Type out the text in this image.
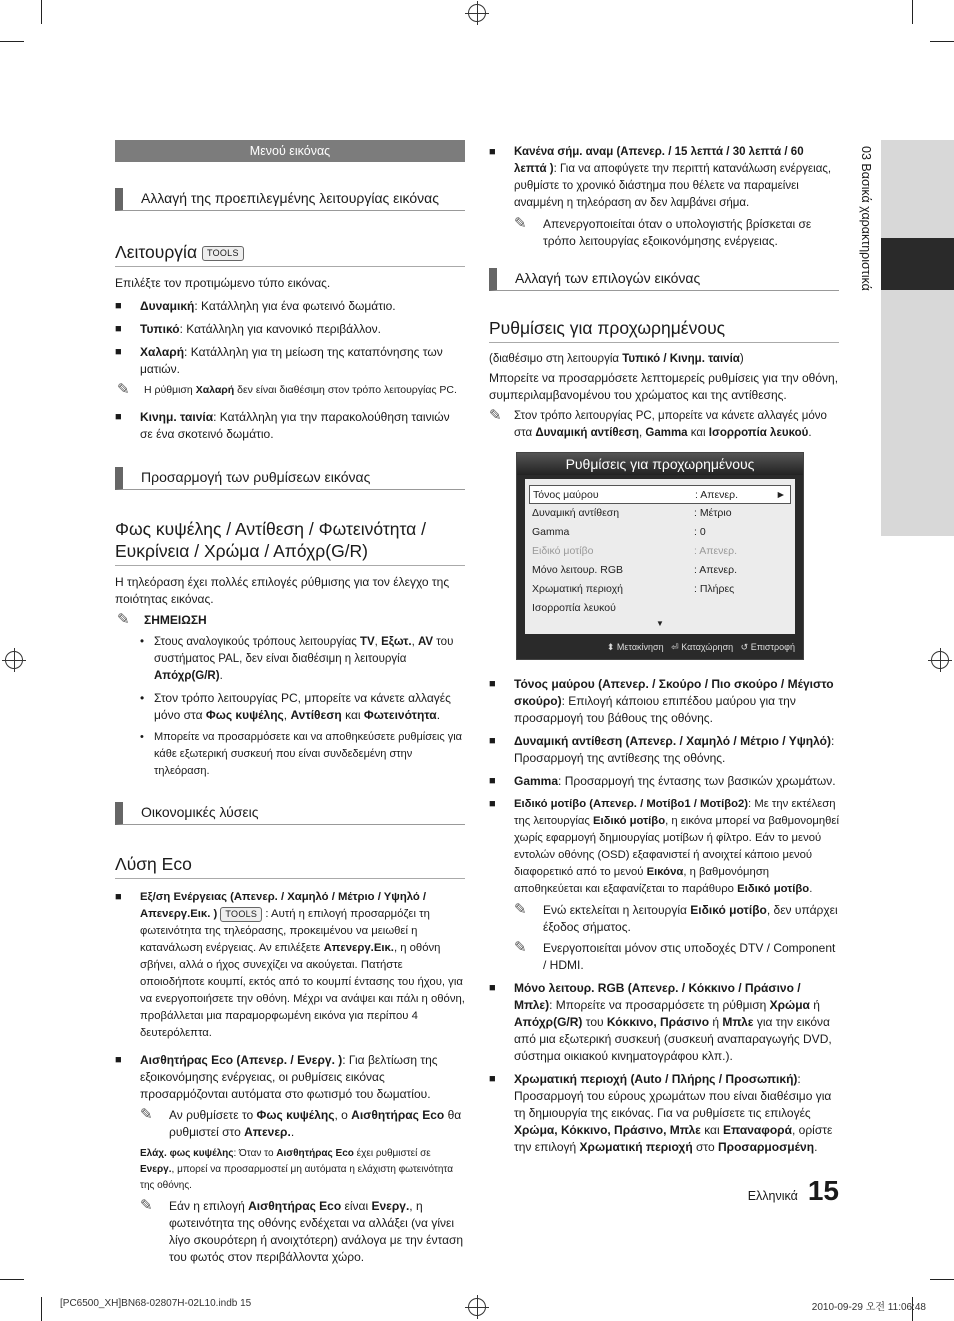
Μενού εικόνας
Αλλαγή της προεπιλεγμένης λειτουργίας εικόνας
Λειτουργία TOOLS

Επιλέξτε τον προτιμώμενο τύπο εικόνας.

■ Δυναμική: Κατάλληλη για ένα φωτεινό δωμάτιο.
■ Τυπικό: Κατάλληλη για κανονικό περιβάλλον.
■ Χαλαρή: Κατάλληλη για τη μείωση της καταπόνησης των ματιών.
✎ Η ρύθμιση Χαλαρή δεν είναι διαθέσιμη στον τρόπο λειτουργίας PC.
■ Κινημ. ταινία: Κατάλληλη για την παρακολούθηση ταινιών σε ένα σκοτεινό δωμάτιο.
Προσαρμογή των ρυθμίσεων εικόνας
Φως κυψέλης / Αντίθεση / Φωτεινότητα / Ευκρίνεια / Χρώμα / Απόχρ(G/R)

Η τηλεόραση έχει πολλές επιλογές ρύθμισης για τον έλεγχο της ποιότητας εικόνας.

✎ ΣΗΜΕΙΩΣΗ
• Στους αναλογικούς τρόπους λειτουργίας TV, Εξωτ., AV του συστήματος PAL, δεν είναι διαθέσιμη η λειτουργία Απόχρ(G/R).
• Στον τρόπο λειτουργίας PC, μπορείτε να κάνετε αλλαγές μόνο στα Φως κυψέλης, Αντίθεση και Φωτεινότητα.
• Μπορείτε να προσαρμόσετε και να αποθηκεύσετε ρυθμίσεις για κάθε εξωτερική συσκευή που είναι συνδεδεμένη στην τηλεόραση.
Οικονομικές λύσεις
Λύση Eco
■ Εξ/ση Ενέργειας (Απενερ. / Χαμηλό / Μέτριο / Υψηλό / Απενεργ.Εικ. ) TOOLS : Αυτή η επιλογή προσαρμόζει τη φωτεινότητα της τηλεόρασης, προκειμένου να μειωθεί η κατανάλωση ενέργειας. Αν επιλέξετε Απενεργ.Εικ., η οθόνη σβήνει, αλλά ο ήχος συνεχίζει να ακούγεται. Πατήστε οποιοδήποτε κουμπί, εκτός από το κουμπί έντασης του ήχου, για να ενεργοποιήσετε την οθόνη. Μέχρι να ανάψει και πάλι η οθόνη, προβάλλεται μια παραμορφωμένη εικόνα για περίπου 4 δευτερόλεπτα.
■ Αισθητήρας Eco (Απενερ. / Ενεργ. ): Για βελτίωση της εξοικονόμησης ενέργειας, οι ρυθμίσεις εικόνας προσαρμόζονται αυτόματα στο φωτισμό του δωματίου.
✎ Αν ρυθμίσετε το Φως κυψέλης, ο Αισθητήρας Eco θα ρυθμιστεί στο Απενερ..
Ελάχ. φως κυψέλης: Όταν το Αισθητήρας Eco έχει ρυθμιστεί σε Ενεργ., μπορεί να προσαρμοστεί μη αυτόματα η ελάχιστη φωτεινότητα της οθόνης.
✎ Εάν η επιλογή Αισθητήρας Eco είναι Ενεργ., η φωτεινότητα της οθόνης ενδέχεται να αλλάξει (να γίνει λίγο σκουρότερη ή ανοιχτότερη) ανάλογα με την ένταση του φωτός στον περιβάλλοντα χώρο.
■ Κανένα σήμ. αναμ (Απενερ. / 15 λεπτά / 30 λεπτά / 60 λεπτά ): Για να αποφύγετε την περιττή κατανάλωση ενέργειας, ρυθμίστε το χρονικό διάστημα που θέλετε να παραμείνει αναμμένη η τηλεόραση αν δεν λαμβάνει σήμα.
✎ Απενεργοποιείται όταν ο υπολογιστής βρίσκεται σε τρόπο λειτουργίας εξοικονόμησης ενέργειας.
Αλλαγή των επιλογών εικόνας
Ρυθμίσεις για προχωρημένους

(διαθέσιμο στη λειτουργία Τυπικό / Κινημ. ταινία)

Μπορείτε να προσαρμόσετε λεπτομερείς ρυθμίσεις για την οθόνη, συμπεριλαμβανομένου του χρώματος και της αντίθεσης.

✎ Στον τρόπο λειτουργίας PC, μπορείτε να κάνετε αλλαγές μόνο στα Δυναμική αντίθεση, Gamma και Ισορροπία λευκού.
Ρυθμίσεις για προχωρημένους
Τόνος μαύρου	: Απενερ.	►
Δυναμική αντίθεση	: Μέτριο
Gamma	: 0
Ειδικό μοτίβο	: Απενερ.
Μόνο λειτουρ. RGB	: Απενερ.
Χρωματική περιοχή	: Πλήρες
Ισορροπία λευκού
▼
⬍ Μετακίνηση ⏎ Καταχώρηση ↺ Επιστροφή
■ Τόνος μαύρου (Απενερ. / Σκούρο / Πιο σκούρο / Μέγιστο σκούρο): Επιλογή κάποιου επιπέδου μαύρου για την προσαρμογή του βάθους της οθόνης.
■ Δυναμική αντίθεση (Απενερ. / Χαμηλό / Μέτριο / Υψηλό): Προσαρμογή της αντίθεσης της οθόνης.
■ Gamma: Προσαρμογή της έντασης των βασικών χρωμάτων.
■ Ειδικό μοτίβο (Απενερ. / Μοτίβο1 / Μοτίβο2): Με την εκτέλεση της λειτουργίας Ειδικό μοτίβο, η εικόνα μπορεί να βαθμονομηθεί χωρίς εφαρμογή δημιουργίας μοτίβων ή φίλτρο. Εάν το μενού εντολών οθόνης (OSD) εξαφανιστεί ή ανοιχτεί κάποιο μενού διαφορετικό από το μενού Εικόνα, η βαθμονόμηση αποθηκεύεται και εξαφανίζεται το παράθυρο Ειδικό μοτίβο.
✎ Ενώ εκτελείται η λειτουργία Ειδικό μοτίβο, δεν υπάρχει έξοδος σήματος.
✎ Ενεργοποιείται μόνον στις υποδοχές DTV / Component / HDMI.
■ Μόνο λειτουρ. RGB (Απενερ. / Κόκκινο / Πράσινο / Μπλε): Μπορείτε να προσαρμόσετε τη ρύθμιση Χρώμα ή Απόχρ(G/R) του Κόκκινο, Πράσινο ή Μπλε για την εικόνα από μια εξωτερική συσκευή (συσκευή αναπαραγωγής DVD, σύστημα οικιακού κινηματογράφου κλπ.).
■ Χρωματική περιοχή (Auto / Πλήρης / Προσωπική): Προσαρμογή του εύρους χρωμάτων που είναι διαθέσιμο για τη δημιουργία της εικόνας. Για να ρυθμίσετε τις επιλογές Χρώμα, Κόκκινο, Πράσινο, Μπλε και Επαναφορά, ορίστε την επιλογή Χρωματική περιοχή στο Προσαρμοσμένη.
03 Βασικά χαρακτηριστικά
Ελληνικά 15
[PC6500_XH]BN68-02807H-02L10.indb 15	2010-09-29 오전 11:06:48
